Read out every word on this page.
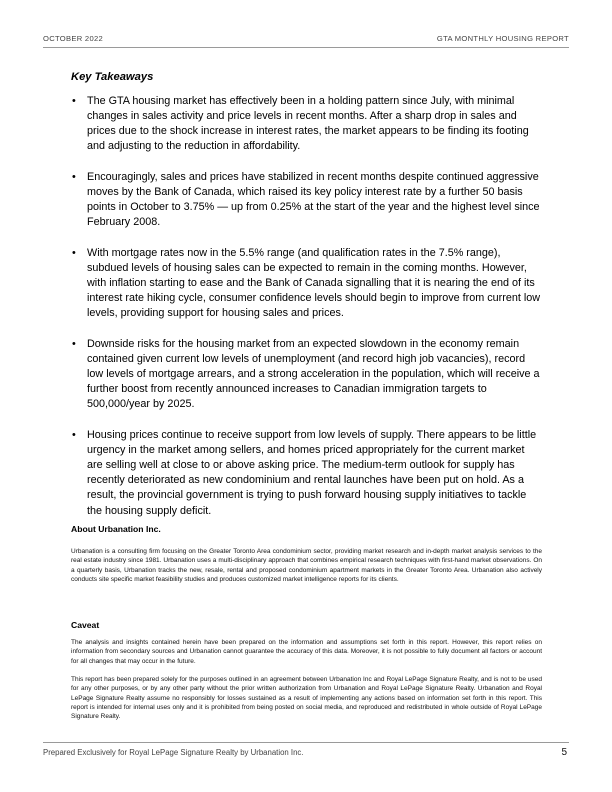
OCTOBER 2022	GTA MONTHLY HOUSING REPORT
Key Takeaways
• The GTA housing market has effectively been in a holding pattern since July, with minimal changes in sales activity and price levels in recent months. After a sharp drop in sales and prices due to the shock increase in interest rates, the market appears to be finding its footing and adjusting to the reduction in affordability.
• Encouragingly, sales and prices have stabilized in recent months despite continued aggressive moves by the Bank of Canada, which raised its key policy interest rate by a further 50 basis points in October to 3.75% — up from 0.25% at the start of the year and the highest level since February 2008.
• With mortgage rates now in the 5.5% range (and qualification rates in the 7.5% range), subdued levels of housing sales can be expected to remain in the coming months. However, with inflation starting to ease and the Bank of Canada signalling that it is nearing the end of its interest rate hiking cycle, consumer confidence levels should begin to improve from current low levels, providing support for housing sales and prices.
• Downside risks for the housing market from an expected slowdown in the economy remain contained given current low levels of unemployment (and record high job vacancies), record low levels of mortgage arrears, and a strong acceleration in the population, which will receive a further boost from recently announced increases to Canadian immigration targets to 500,000/year by 2025.
• Housing prices continue to receive support from low levels of supply. There appears to be little urgency in the market among sellers, and homes priced appropriately for the current market are selling well at close to or above asking price. The medium-term outlook for supply has recently deteriorated as new condominium and rental launches have been put on hold. As a result, the provincial government is trying to push forward housing supply initiatives to tackle the housing supply deficit.
About Urbanation Inc.
Urbanation is a consulting firm focusing on the Greater Toronto Area condominium sector, providing market research and in-depth market analysis services to the real estate industry since 1981. Urbanation uses a multi-disciplinary approach that combines empirical research techniques with first-hand market observations. On a quarterly basis, Urbanation tracks the new, resale, rental and proposed condominium apartment markets in the Greater Toronto Area. Urbanation also actively conducts site specific market feasibility studies and produces customized market intelligence reports for its clients.
Caveat
The analysis and insights contained herein have been prepared on the information and assumptions set forth in this report. However, this report relies on information from secondary sources and Urbanation cannot guarantee the accuracy of this data. Moreover, it is not possible to fully document all factors or account for all changes that may occur in the future.
This report has been prepared solely for the purposes outlined in an agreement between Urbanation Inc and Royal LePage Signature Realty, and is not to be used for any other purposes, or by any other party without the prior written authorization from Urbanation and Royal LePage Signature Realty. Urbanation and Royal LePage Signature Realty assume no responsibly for losses sustained as a result of implementing any actions based on information set forth in this report. This report is intended for internal uses only and it is prohibited from being posted on social media, and reproduced and redistributed in whole outside of Royal LePage Signature Realty.
Prepared Exclusively for Royal LePage Signature Realty by Urbanation Inc.	5
